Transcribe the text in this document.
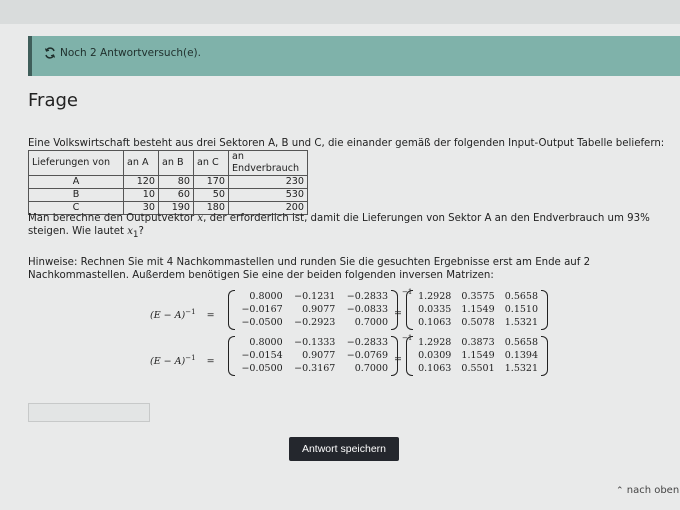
Noch 2 Antwortversuch(e).
Frage
Eine Volkswirtschaft besteht aus drei Sektoren A, B und C, die einander gemäß der folgenden Input-Output Tabelle beliefern:
Lieferungen von	an A	an B	an C	an Endverbrauch
A	120	80	170	230
B	10	60	50	530
C	30	190	180	200
Man berechne den Outputvektor x, der erforderlich ist, damit die Lieferungen von Sektor A an den Endverbrauch um 93% steigen. Wie lautet $x_1$?
Hinweise: Rechnen Sie mit 4 Nachkommastellen und runden Sie die gesuchten Ergebnisse erst am Ende auf 2 Nachkommastellen. Außerdem benötigen Sie eine der beiden folgenden inversen Matrizen:
$(E - A)^{-1}$ =
0.8000	−0.1231	−0.2833
−0.0167	0.9077	−0.0833
−0.0500	−0.2923	0.7000
−1
=
1.2928 0.3575 0.5658
0.0335 1.1549 0.1510
0.1063 0.5078 1.5321
$(E - A)^{-1}$ =
0.8000	−0.1333	−0.2833
−0.0154	0.9077	−0.0769
−0.0500	−0.3167	0.7000
−1
=
1.2928 0.3873 0.5658
0.0309 1.1549 0.1394
0.1063 0.5501 1.5321
Antwort speichern
⌃ nach oben
